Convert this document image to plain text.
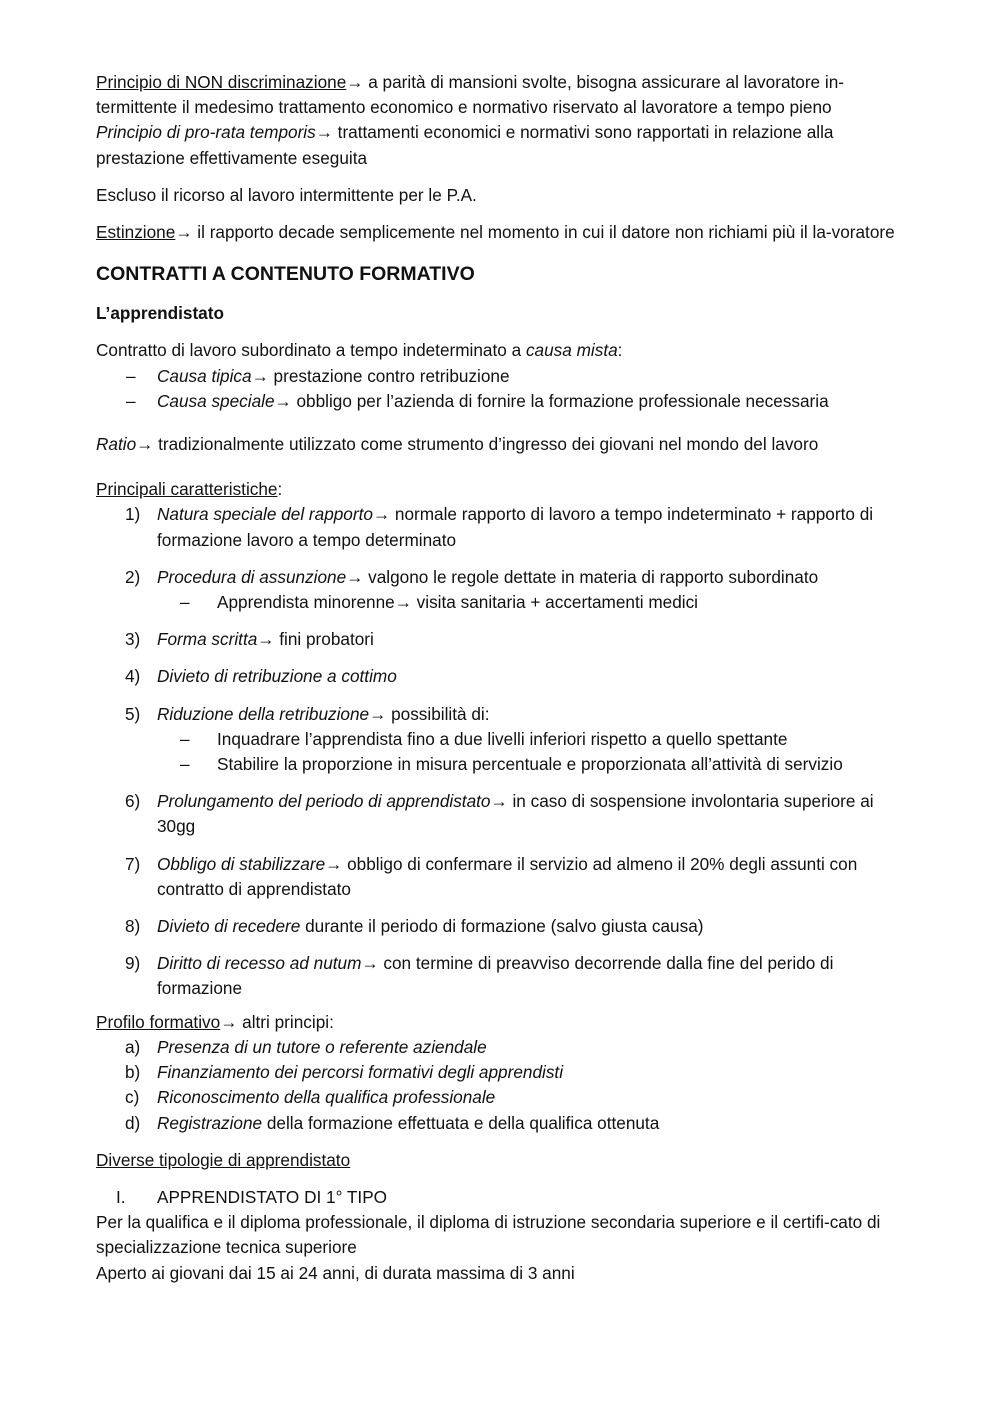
Principio di NON discriminazione→ a parità di mansioni svolte, bisogna assicurare al lavoratore in-termittente il medesimo trattamento economico e normativo riservato al lavoratore a tempo pieno

Principio di pro-rata temporis→ trattamenti economici e normativi sono rapportati in relazione alla prestazione effettivamente eseguita

Escluso il ricorso al lavoro intermittente per le P.A.

Estinzione→ il rapporto decade semplicemente nel momento in cui il datore non richiami più il la-voratore

CONTRATTI A CONTENUTO FORMATIVO

L’apprendistato

Contratto di lavoro subordinato a tempo indeterminato a causa mista:

– Causa tipica→ prestazione contro retribuzione

– Causa speciale→ obbligo per l’azienda di fornire la formazione professionale necessaria

Ratio→ tradizionalmente utilizzato come strumento d’ingresso dei giovani nel mondo del lavoro

Principali caratteristiche:

1) Natura speciale del rapporto→ normale rapporto di lavoro a tempo indeterminato + rapporto di formazione lavoro a tempo determinato
2) Procedura di assunzione→ valgono le regole dettate in materia di rapporto subordinato

– Apprendista minorenne→ visita sanitaria + accertamenti medici

3) Forma scritta→ fini probatori
4) Divieto di retribuzione a cottimo
5) Riduzione della retribuzione→ possibilità di:

– Inquadrare l’apprendista fino a due livelli inferiori rispetto a quello spettante

– Stabilire la proporzione in misura percentuale e proporzionata all’attività di servizio

6) Prolungamento del periodo di apprendistato→ in caso di sospensione involontaria superiore ai 30gg
7) Obbligo di stabilizzare→ obbligo di confermare il servizio ad almeno il 20% degli assunti con contratto di apprendistato
8) Divieto di recedere durante il periodo di formazione (salvo giusta causa)
9) Diritto di recesso ad nutum→ con termine di preavviso decorrende dalla fine del perido di formazione

Profilo formativo→ altri principi:

a) Presenza di un tutore o referente aziendale
b) Finanziamento dei percorsi formativi degli apprendisti
c) Riconoscimento della qualifica professionale
d) Registrazione della formazione effettuata e della qualifica ottenuta

Diverse tipologie di apprendistato

I. APPRENDISTATO DI 1° TIPO

Per la qualifica e il diploma professionale, il diploma di istruzione secondaria superiore e il certifi-cato di specializzazione tecnica superiore

Aperto ai giovani dai 15 ai 24 anni, di durata massima di 3 anni
